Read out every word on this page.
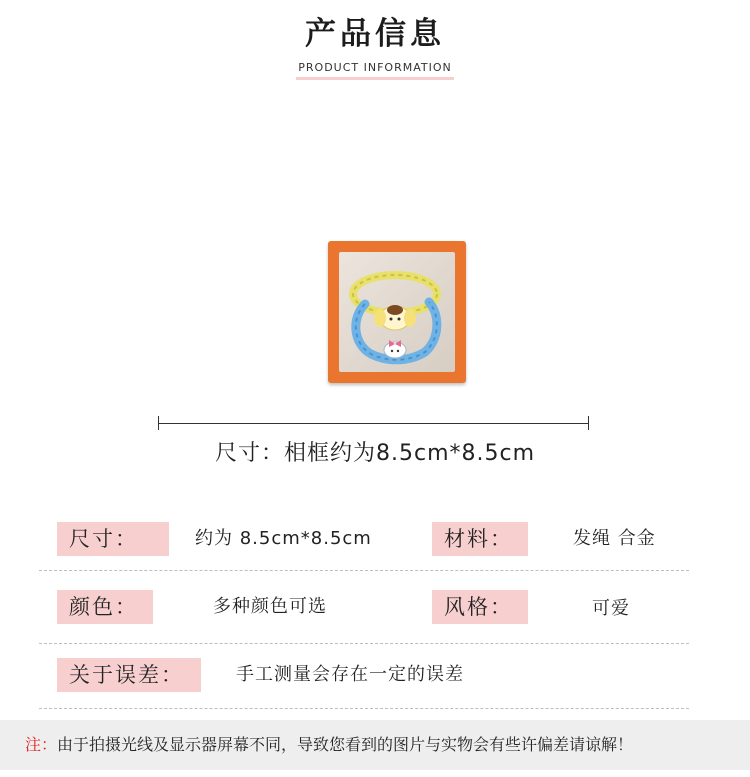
产品信息
PRODUCT INFORMATION
尺寸：相框约为8.5cm*8.5cm
尺寸：	约为 8.5cm*8.5cm	材料：	发绳 合金
颜色：	多种颜色可选	风格：	可爱
关于误差：	手工测量会存在一定的误差
注：由于拍摄光线及显示器屏幕不同，导致您看到的图片与实物会有些许偏差请谅解！
